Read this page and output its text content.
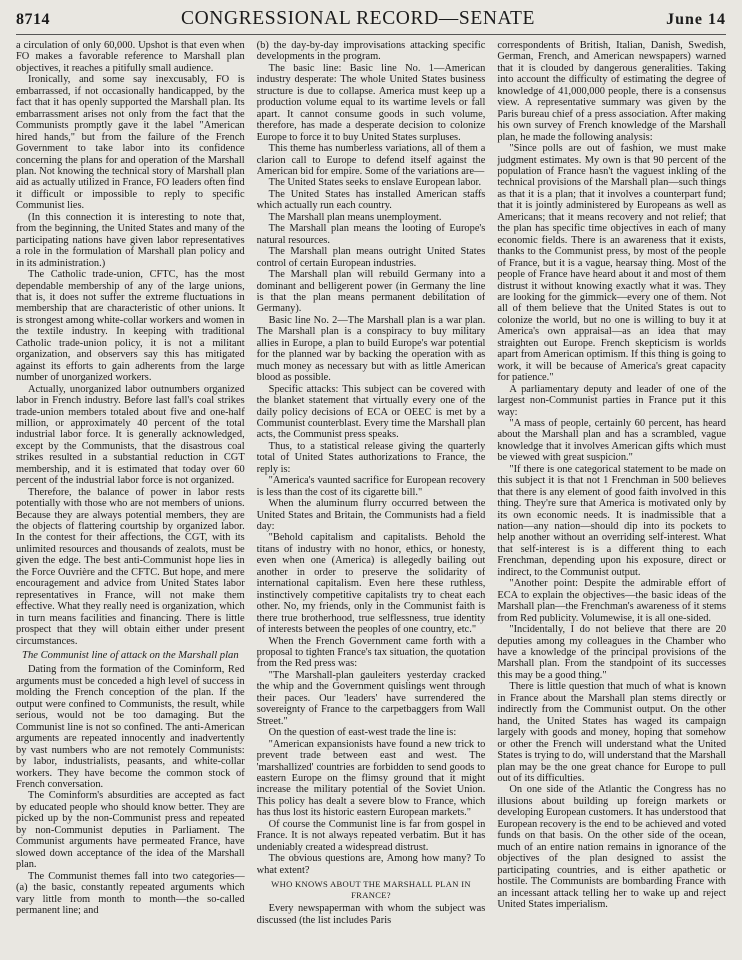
8714	CONGRESSIONAL RECORD—SENATE	June 14

a circulation of only 60,000. Upshot is that even when FO makes a favorable reference to Marshall plan objectives, it reaches a pitifully small audience.

Ironically, and some say inexcusably, FO is embarrassed, if not occasionally handicapped, by the fact that it has openly supported the Marshall plan. Its embarrassment arises not only from the fact that the Communists promptly gave it the label "American hired hands," but from the failure of the French Government to take labor into its confidence concerning the plans for and operation of the Marshall plan. Not knowing the technical story of Marshall plan aid as actually utilized in France, FO leaders often find it difficult or impossible to reply to specific Communist lies.

(In this connection it is interesting to note that, from the beginning, the United States and many of the participating nations have given labor representatives a role in the formulation of Marshall plan policy and in its administration.)

The Catholic trade-union, CFTC, has the most dependable membership of any of the large unions, that is, it does not suffer the extreme fluctuations in membership that are characteristic of other unions. It is strongest among white-collar workers and women in the textile industry. In keeping with traditional Catholic trade-union policy, it is not a militant organization, and observers say this has mitigated against its efforts to gain adherents from the large number of unorganized workers.

Actually, unorganized labor outnumbers organized labor in French industry. Before last fall's coal strikes trade-union members totaled about five and one-half million, or approximately 40 percent of the total industrial labor force. It is generally acknowledged, except by the Communists, that the disastrous coal strikes resulted in a substantial reduction in CGT membership, and it is estimated that today over 60 percent of the industrial labor force is not organized.

Therefore, the balance of power in labor rests potentially with those who are not members of unions. Because they are always potential members, they are the objects of flattering courtship by organized labor. In the contest for their affections, the CGT, with its unlimited resources and thousands of zealots, must be given the edge. The best anti-Communist hope lies in the Force Ouvrière and the CFTC. But hope, and mere encouragement and advice from United States labor representatives in France, will not make them effective. What they really need is organization, which in turn means facilities and financing. There is little prospect that they will obtain either under present circumstances.

The Communist line of attack on the Marshall plan

Dating from the formation of the Cominform, Red arguments must be conceded a high level of success in molding the French conception of the plan. If the output were confined to Communists, the result, while serious, would not be too damaging. But the Communist line is not so confined. The anti-American arguments are repeated innocently and inadvertently by vast numbers who are not remotely Communists: by labor, industrialists, peasants, and white-collar workers. They have become the common stock of French conversation.

The Cominform's absurdities are accepted as fact by educated people who should know better. They are picked up by the non-Communist press and repeated by non-Communist deputies in Parliament. The Communist arguments have permeated France, have slowed down acceptance of the idea of the Marshall plan.

The Communist themes fall into two categories—(a) the basic, constantly repeated arguments which vary little from month to month—the so-called permanent line; and

(b) the day-by-day improvisations attacking specific developments in the program.

The basic line: Basic line No. 1—American industry desperate: The whole United States business structure is due to collapse. America must keep up a production volume equal to its wartime levels or fall apart. It cannot consume goods in such volume, therefore, has made a desperate decision to colonize Europe to force it to buy United States surpluses.

This theme has numberless variations, all of them a clarion call to Europe to defend itself against the American bid for empire. Some of the variations are—

The United States seeks to enslave European labor.

The United States has installed American staffs which actually run each country.

The Marshall plan means unemployment.

The Marshall plan means the looting of Europe's natural resources.

The Marshall plan means outright United States control of certain European industries.

The Marshall plan will rebuild Germany into a dominant and belligerent power (in Germany the line is that the plan means permanent debilitation of Germany).

Basic line No. 2—The Marshall plan is a war plan. The Marshall plan is a conspiracy to buy military allies in Europe, a plan to build Europe's war potential for the planned war by backing the operation with as much money as necessary but with as little American blood as possible.

Specific attacks: This subject can be covered with the blanket statement that virtually every one of the daily policy decisions of ECA or OEEC is met by a Communist counterblast. Every time the Marshall plan acts, the Communist press speaks.

Thus, to a statistical release giving the quarterly total of United States authorizations to France, the reply is:

"America's vaunted sacrifice for European recovery is less than the cost of its cigarette bill."

When the aluminum flurry occurred between the United States and Britain, the Communists had a field day:

"Behold capitalism and capitalists. Behold the titans of industry with no honor, ethics, or honesty, even when one (America) is allegedly bailing out another in order to preserve the solidarity of international capitalism. Even here these ruthless, instinctively competitive capitalists try to cheat each other. No, my friends, only in the Communist faith is there true brotherhood, true selflessness, true identity of interests between the peoples of one country, etc."

When the French Government came forth with a proposal to tighten France's tax situation, the quotation from the Red press was:

"The Marshall-plan gauleiters yesterday cracked the whip and the Government quislings went through their paces. Our 'leaders' have surrendered the sovereignty of France to the carpetbaggers from Wall Street."

On the question of east-west trade the line is:

"American expansionists have found a new trick to prevent trade between east and west. The 'marshallized' countries are forbidden to send goods to eastern Europe on the flimsy ground that it might increase the military potential of the Soviet Union. This policy has dealt a severe blow to France, which has thus lost its historic eastern European markets."

Of course the Communist line is far from gospel in France. It is not always repeated verbatim. But it has undeniably created a widespread distrust.

The obvious questions are, Among how many? To what extent?

WHO KNOWS ABOUT THE MARSHALL PLAN IN FRANCE?

Every newspaperman with whom the subject was discussed (the list includes Paris

correspondents of British, Italian, Danish, Swedish, German, French, and American newspapers) warned that it is clouded by dangerous generalities. Taking into account the difficulty of estimating the degree of knowledge of 41,000,000 people, there is a consensus view. A representative summary was given by the Paris bureau chief of a press association. After making his own survey of French knowledge of the Marshall plan, he made the following analysis:

"Since polls are out of fashion, we must make judgment estimates. My own is that 90 percent of the population of France hasn't the vaguest inkling of the technical provisions of the Marshall plan—such things as that it is a plan; that it involves a counterpart fund; that it is jointly administered by Europeans as well as Americans; that it means recovery and not relief; that the plan has specific time objectives in each of many economic fields. There is an awareness that it exists, thanks to the Communist press, by most of the people of France, but it is a vague, hearsay thing. Most of the people of France have heard about it and most of them distrust it without knowing exactly what it was. They are looking for the gimmick—every one of them. Not all of them believe that the United States is out to colonize the world, but no one is willing to buy it at America's own appraisal—as an idea that may straighten out Europe. French skepticism is worlds apart from American optimism. If this thing is going to work, it will be because of America's great capacity for patience."

A parliamentary deputy and leader of one of the largest non-Communist parties in France put it this way:

"A mass of people, certainly 60 percent, has heard about the Marshall plan and has a scrambled, vague knowledge that it involves American gifts which must be viewed with great suspicion."

"If there is one categorical statement to be made on this subject it is that not 1 Frenchman in 500 believes that there is any element of good faith involved in this thing. They're sure that America is motivated only by its own economic needs. It is inadmissible that a nation—any nation—should dip into its pockets to help another without an overriding self-interest. What that self-interest is is a different thing to each Frenchman, depending upon his exposure, direct or indirect, to the Communist output.

"Another point: Despite the admirable effort of ECA to explain the objectives—the basic ideas of the Marshall plan—the Frenchman's awareness of it stems from Red publicity. Volumewise, it is all one-sided.

"Incidentally, I do not believe that there are 20 deputies among my colleagues in the Chamber who have a knowledge of the principal provisions of the Marshall plan. From the standpoint of its successes this may be a good thing."

There is little question that much of what is known in France about the Marshall plan stems directly or indirectly from the Communist output. On the other hand, the United States has waged its campaign largely with goods and money, hoping that somehow or other the French will understand what the United States is trying to do, will understand that the Marshall plan may be the one great chance for Europe to pull out of its difficulties.

On one side of the Atlantic the Congress has no illusions about building up foreign markets or developing European customers. It has understood that European recovery is the end to be achieved and voted funds on that basis. On the other side of the ocean, much of an entire nation remains in ignorance of the objectives of the plan designed to assist the participating countries, and is either apathetic or hostile. The Communists are bombarding France with an incessant attack telling her to wake up and reject United States imperialism.
